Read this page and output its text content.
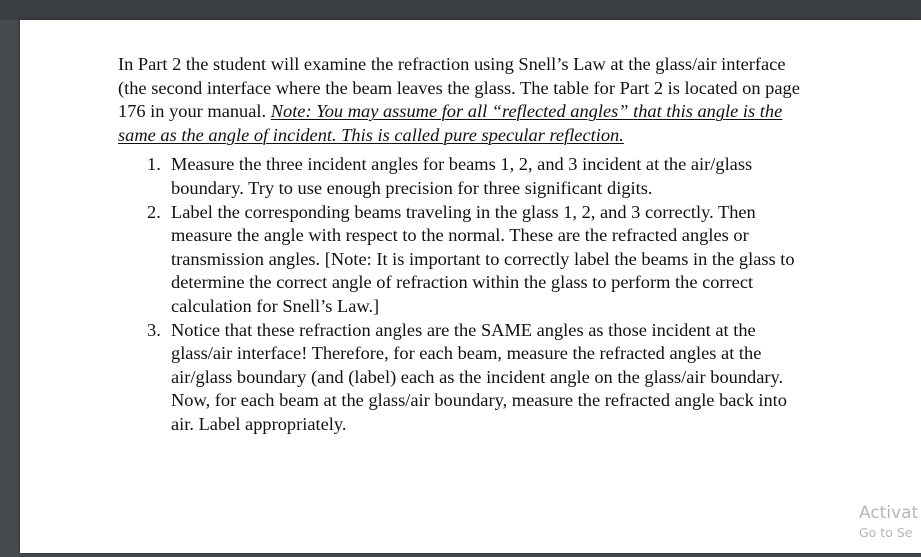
In Part 2 the student will examine the refraction using Snell’s Law at the glass/air interface (the second interface where the beam leaves the glass. The table for Part 2 is located on page 176 in your manual. Note: You may assume for all “reflected angles” that this angle is the same as the angle of incident. This is called pure specular reflection.

1. Measure the three incident angles for beams 1, 2, and 3 incident at the air/glass boundary. Try to use enough precision for three significant digits.
2. Label the corresponding beams traveling in the glass 1, 2, and 3 correctly. Then measure the angle with respect to the normal. These are the refracted angles or transmission angles. [Note: It is important to correctly label the beams in the glass to determine the correct angle of refraction within the glass to perform the correct calculation for Snell’s Law.]
3. Notice that these refraction angles are the SAME angles as those incident at the glass/air interface! Therefore, for each beam, measure the refracted angles at the air/glass boundary (and (label) each as the incident angle on the glass/air boundary. Now, for each beam at the glass/air boundary, measure the refracted angle back into air. Label appropriately.
Activat
Go to Se
